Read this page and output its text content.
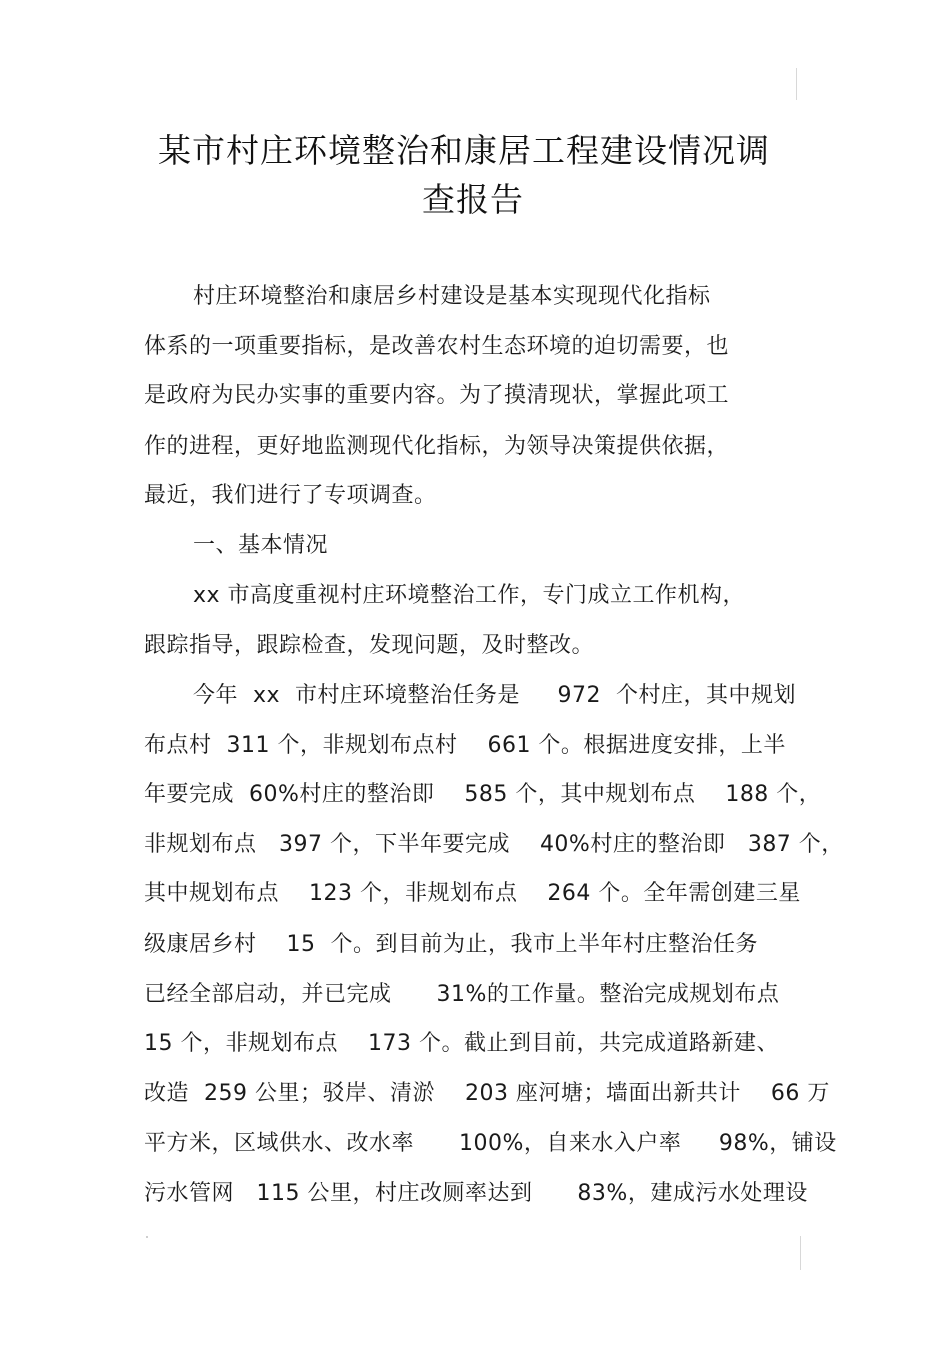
某市村庄环境整治和康居工程建设情况调
查报告
村庄环境整治和康居乡村建设是基本实现现代化指标
体系的一项重要指标，是改善农村生态环境的迫切需要，也
是政府为民办实事的重要内容。为了摸清现状，掌握此项工
作的进程，更好地监测现代化指标，为领导决策提供依据，
最近，我们进行了专项调查。
一、基本情况
xx 市高度重视村庄环境整治工作，专门成立工作机构，
跟踪指导，跟踪检查，发现问题，及时整改。
今年  xx  市村庄环境整治任务是     972  个村庄，其中规划
布点村  311 个，非规划布点村    661 个。根据进度安排，上半
年要完成  60%村庄的整治即    585 个，其中规划布点    188 个，
非规划布点   397 个，下半年要完成    40%村庄的整治即   387 个，
其中规划布点    123 个，非规划布点    264 个。全年需创建三星
级康居乡村    15  个。到目前为止，我市上半年村庄整治任务
已经全部启动，并已完成      31%的工作量。整治完成规划布点
15 个，非规划布点    173 个。截止到目前，共完成道路新建、
改造  259 公里；驳岸、清淤    203 座河塘；墙面出新共计    66 万
平方米，区域供水、改水率      100%，自来水入户率     98%，铺设
污水管网   115 公里，村庄改厕率达到      83%，建成污水处理设
